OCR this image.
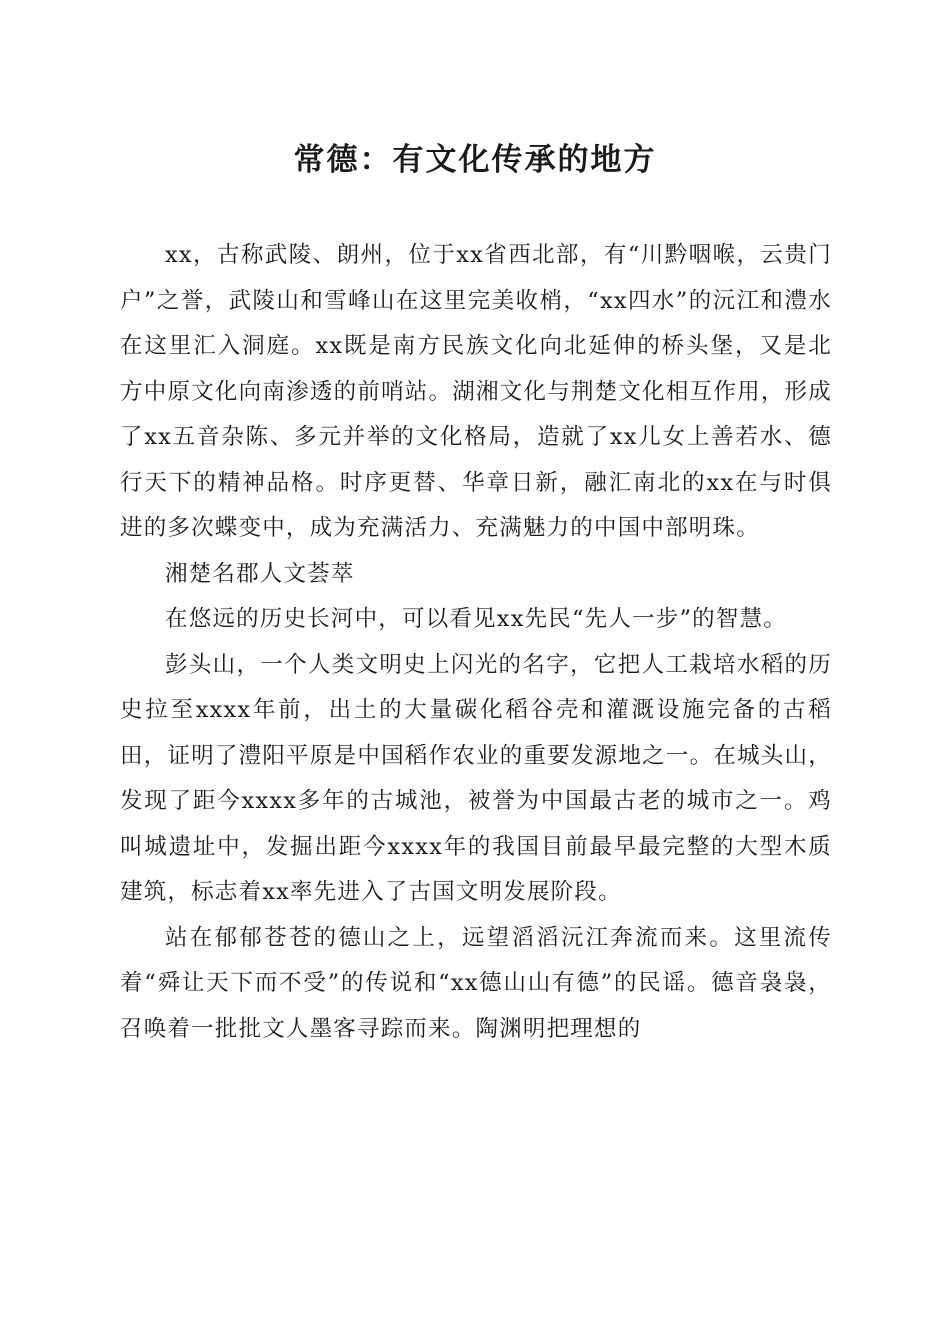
常德：有文化传承的地方

xx，古称武陵、朗州，位于xx省西北部，有“川黔咽喉，云贵门户”之誉，武陵山和雪峰山在这里完美收梢，“xx四水”的沅江和澧水在这里汇入洞庭。xx既是南方民族文化向北延伸的桥头堡，又是北方中原文化向南渗透的前哨站。湖湘文化与荆楚文化相互作用，形成了xx五音杂陈、多元并举的文化格局，造就了xx儿女上善若水、德行天下的精神品格。时序更替、华章日新，融汇南北的xx在与时俱进的多次蝶变中，成为充满活力、充满魅力的中国中部明珠。

湘楚名郡人文荟萃

在悠远的历史长河中，可以看见xx先民“先人一步”的智慧。

彭头山，一个人类文明史上闪光的名字，它把人工栽培水稻的历史拉至xxxx年前，出土的大量碳化稻谷壳和灌溉设施完备的古稻田，证明了澧阳平原是中国稻作农业的重要发源地之一。在城头山，发现了距今xxxx多年的古城池，被誉为中国最古老的城市之一。鸡叫城遗址中，发掘出距今xxxx年的我国目前最早最完整的大型木质建筑，标志着xx率先进入了古国文明发展阶段。

站在郁郁苍苍的德山之上，远望滔滔沅江奔流而来。这里流传着“舜让天下而不受”的传说和“xx德山山有德”的民谣。德音袅袅，召唤着一批批文人墨客寻踪而来。陶渊明把理想的
